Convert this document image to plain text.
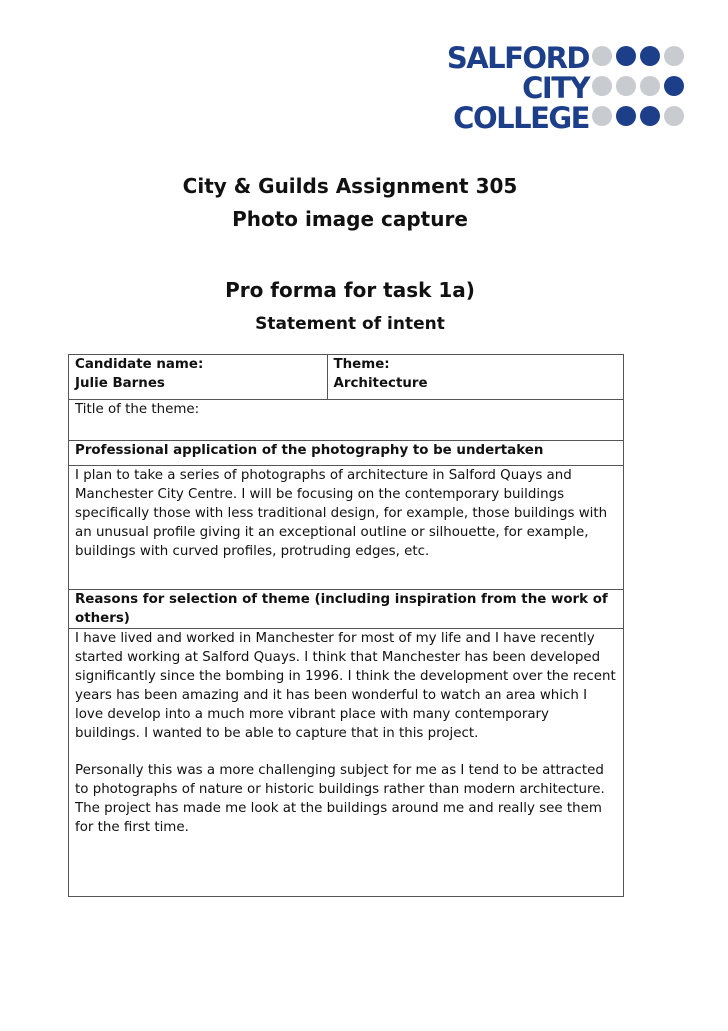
SALFORD
CITY
COLLEGE
City & Guilds Assignment 305
Photo image capture
Pro forma for task 1a)
Statement of intent
Candidate name:
Julie Barnes

Theme:
Architecture

Title of the theme:
Professional application of the photography to be undertaken
I plan to take a series of photographs of architecture in Salford Quays and Manchester City Centre. I will be focusing on the contemporary buildings specifically those with less traditional design, for example, those buildings with an unusual profile giving it an exceptional outline or silhouette, for example, buildings with curved profiles, protruding edges, etc.
Reasons for selection of theme (including inspiration from the work of others)

I have lived and worked in Manchester for most of my life and I have recently started working at Salford Quays. I think that Manchester has been developed significantly since the bombing in 1996. I think the development over the recent years has been amazing and it has been wonderful to watch an area which I love develop into a much more vibrant place with many contemporary buildings. I wanted to be able to capture that in this project.

Personally this was a more challenging subject for me as I tend to be attracted to photographs of nature or historic buildings rather than modern architecture. The project has made me look at the buildings around me and really see them for the first time.
